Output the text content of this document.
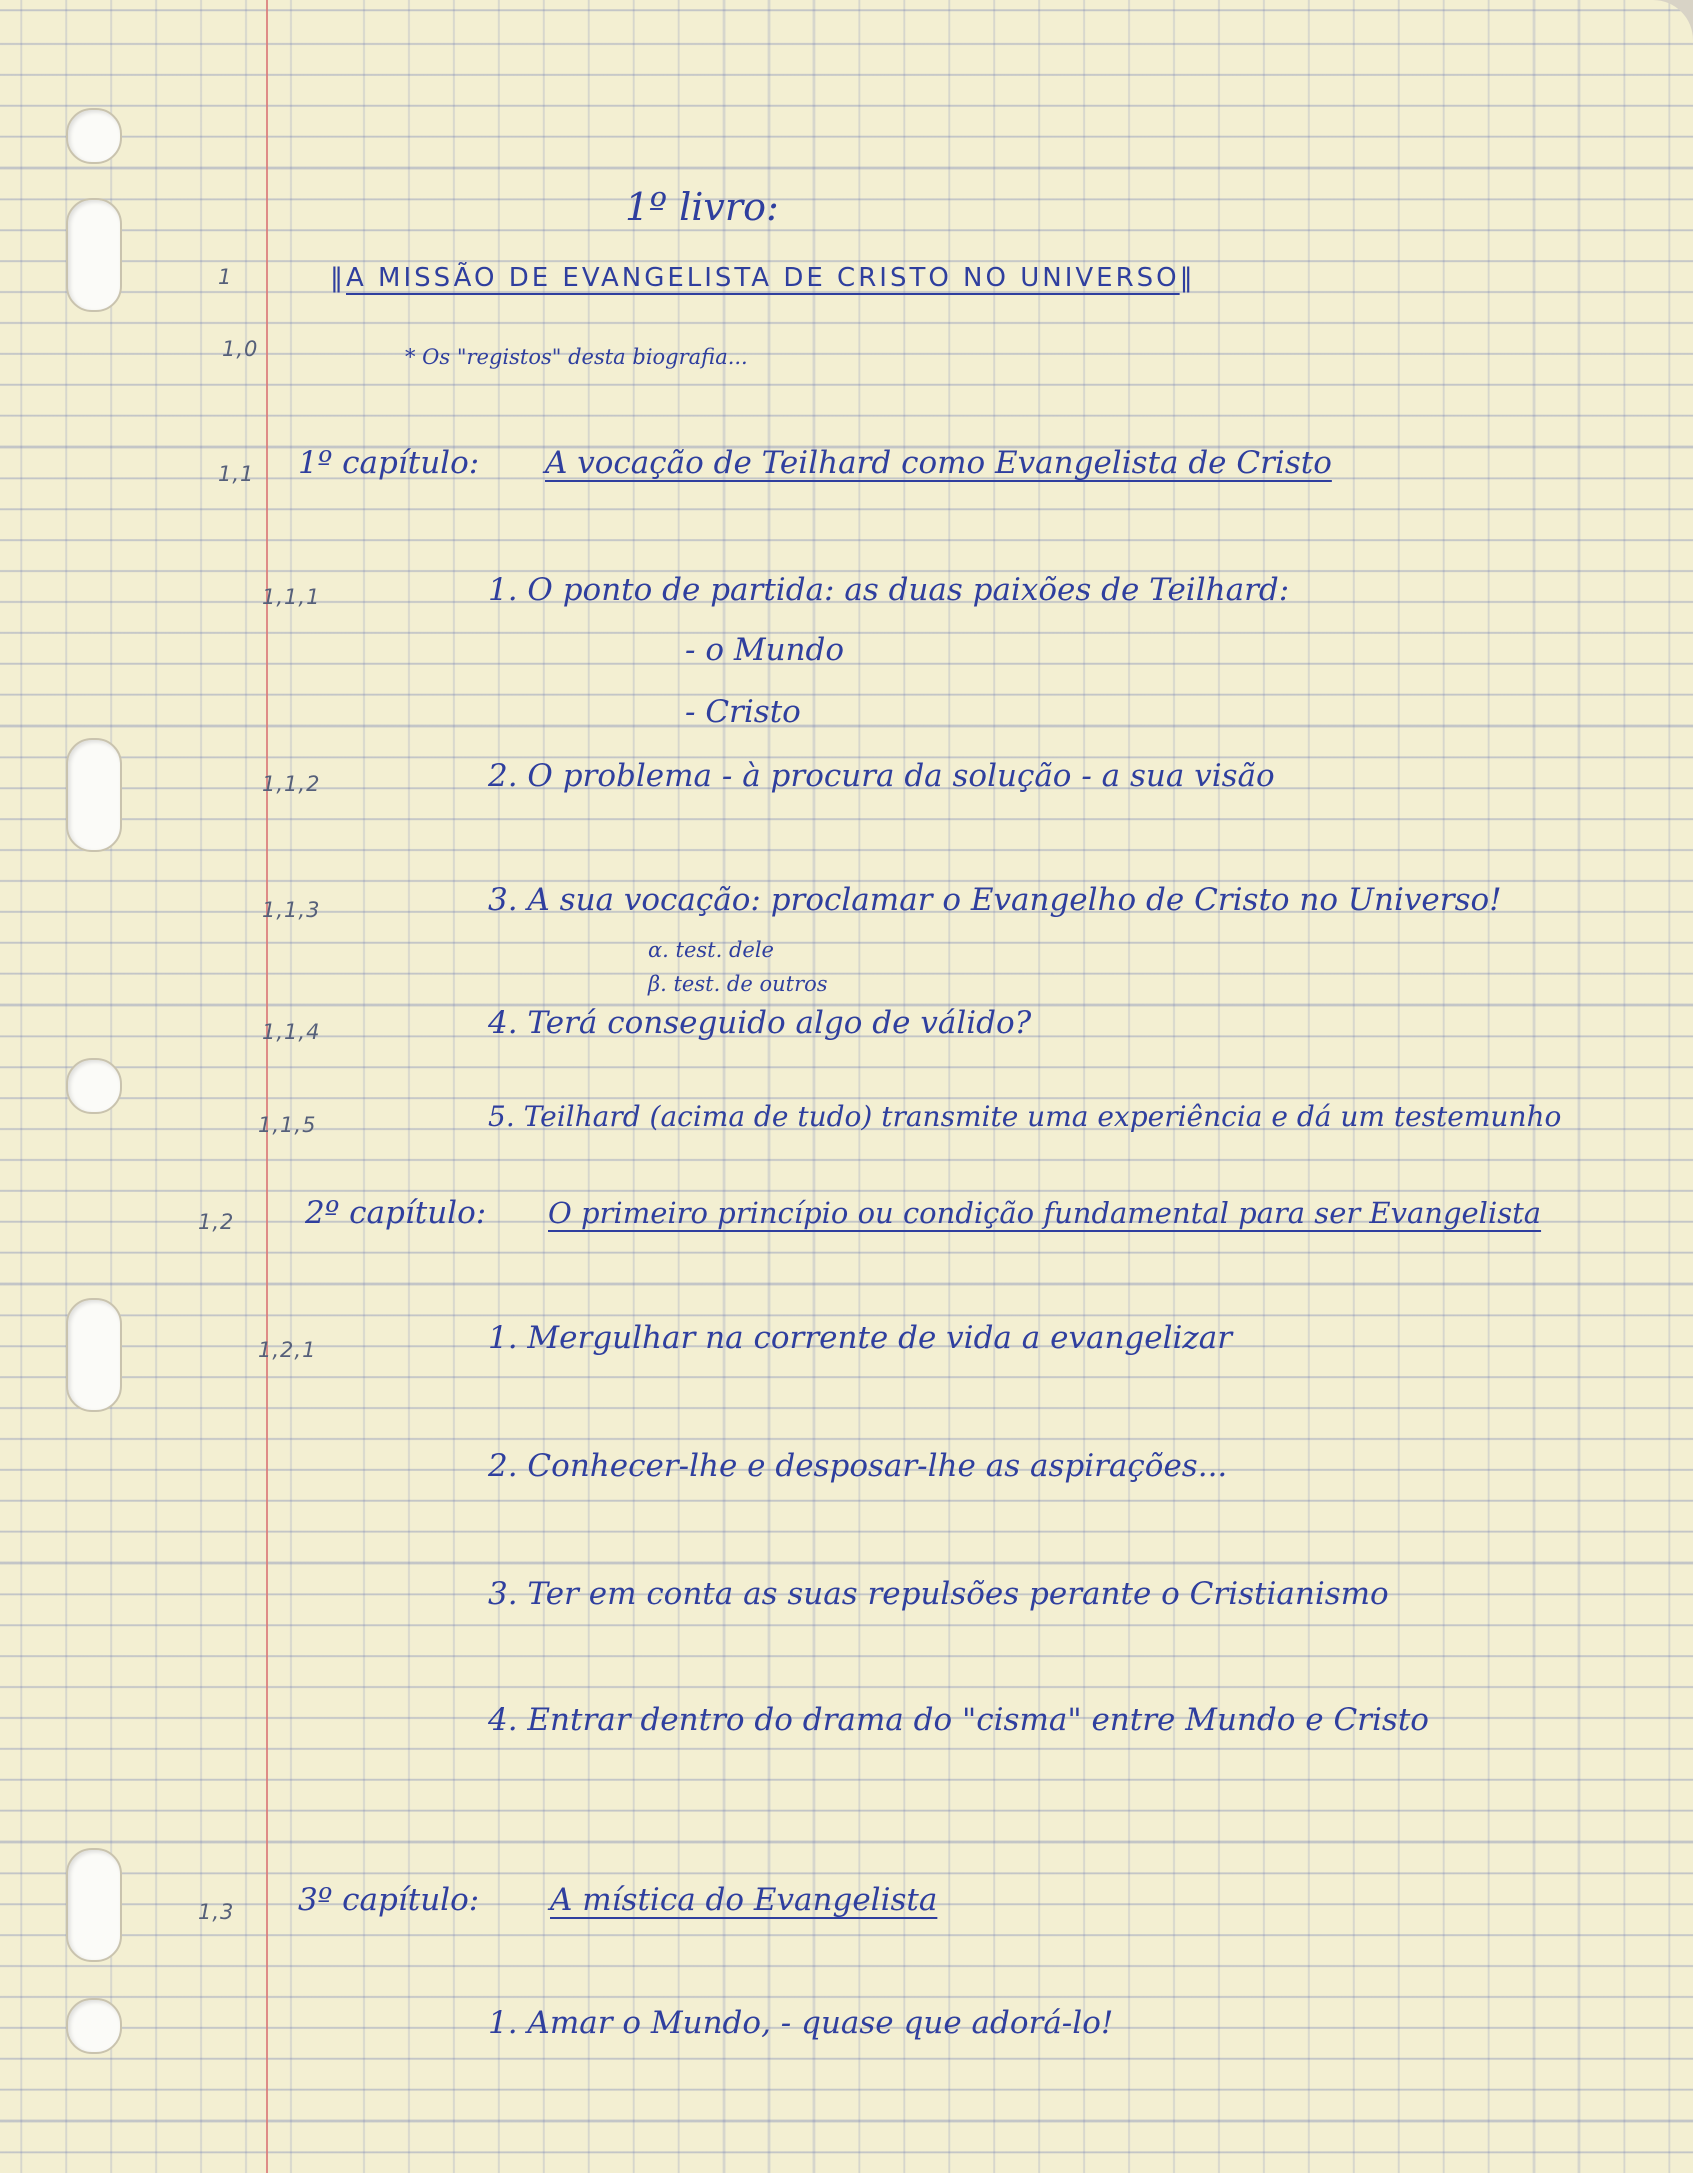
1º livro:
1	‖A MISSÃO DE EVANGELISTA DE CRISTO NO UNIVERSO‖
1,0	* Os "registos" desta biografia...
1,1 1º capítulo: A vocação de Teilhard como Evangelista de Cristo
1,1,1	1. O ponto de partida: as duas paixões de Teilhard:
- o Mundo
- Cristo
1,1,2	2. O problema - à procura da solução - a sua visão
1,1,3	3. A sua vocação: proclamar o Evangelho de Cristo no Universo!
α. test. dele
β. test. de outros
1,1,4	4. Terá conseguido algo de válido?
1,1,5	5. Teilhard (acima de tudo) transmite uma experiência e dá um testemunho
1,2 2º capítulo: O primeiro princípio ou condição fundamental para ser Evangelista
1,2,1	1. Mergulhar na corrente de vida a evangelizar
2. Conhecer-lhe e desposar-lhe as aspirações...
3. Ter em conta as suas repulsões perante o Cristianismo
4. Entrar dentro do drama do "cisma" entre Mundo e Cristo
1,3 3º capítulo: A mística do Evangelista
1. Amar o Mundo, - quase que adorá-lo!
